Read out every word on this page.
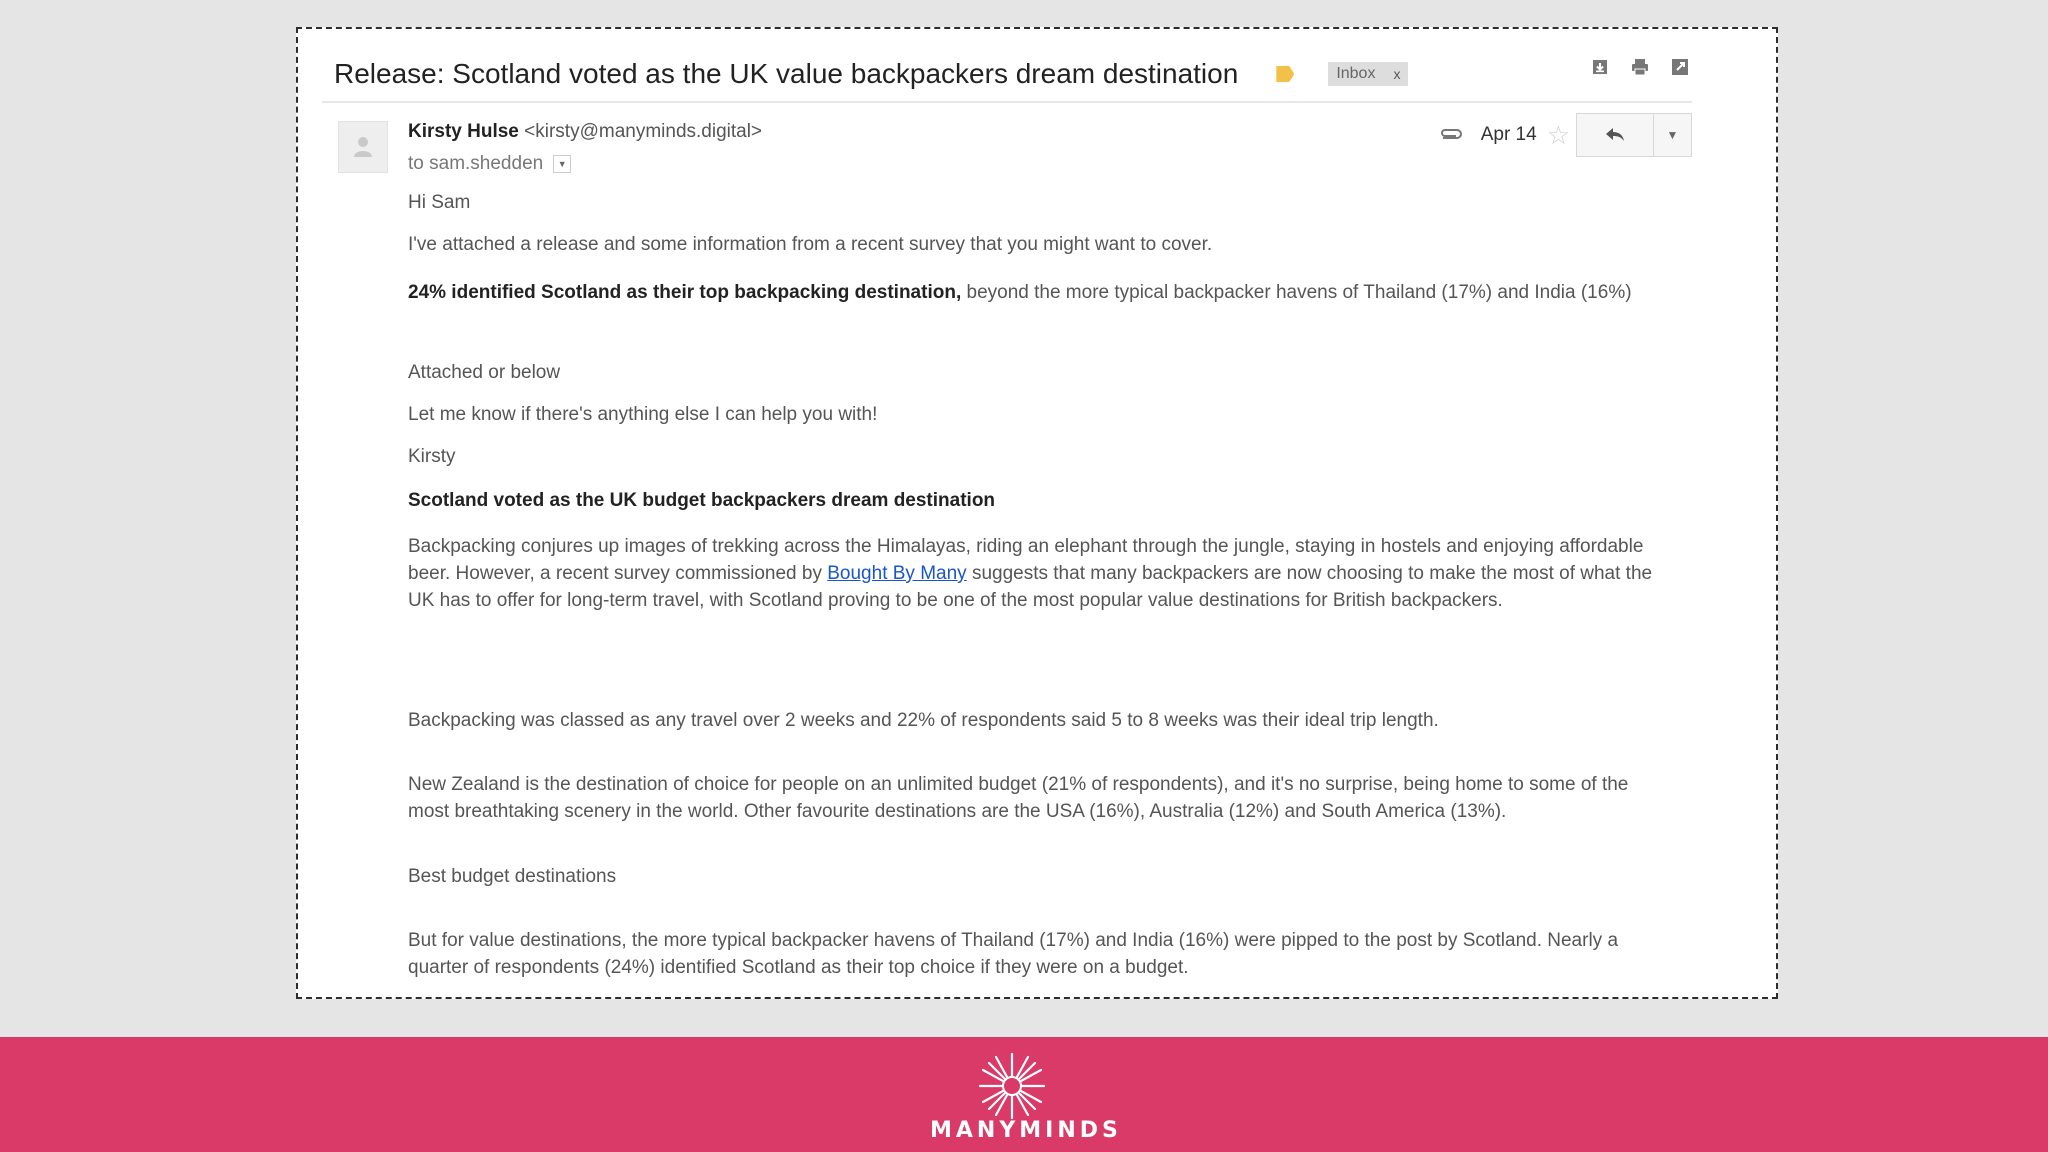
Release: Scotland voted as the UK value backpackers dream destination	Inbox x
Kirsty Hulse <kirsty@manyminds.digital>
to sam.shedden	▼
Apr 14 ☆	▼

Hi Sam

I've attached a release and some information from a recent survey that you might want to cover.

24% identified Scotland as their top backpacking destination, beyond the more typical backpacker havens of Thailand (17%) and India (16%)

Attached or below

Let me know if there's anything else I can help you with!

Kirsty

Scotland voted as the UK budget backpackers dream destination

Backpacking conjures up images of trekking across the Himalayas, riding an elephant through the jungle, staying in hostels and enjoying affordable beer. However, a recent survey commissioned by Bought By Many suggests that many backpackers are now choosing to make the most of what the UK has to offer for long-term travel, with Scotland proving to be one of the most popular value destinations for British backpackers.

Backpacking was classed as any travel over 2 weeks and 22% of respondents said 5 to 8 weeks was their ideal trip length.

New Zealand is the destination of choice for people on an unlimited budget (21% of respondents), and it's no surprise, being home to some of the most breathtaking scenery in the world. Other favourite destinations are the USA (16%), Australia (12%) and South America (13%).

Best budget destinations

But for value destinations, the more typical backpacker havens of Thailand (17%) and India (16%) were pipped to the post by Scotland. Nearly a quarter of respondents (24%) identified Scotland as their top choice if they were on a budget.

MANYMINDS
